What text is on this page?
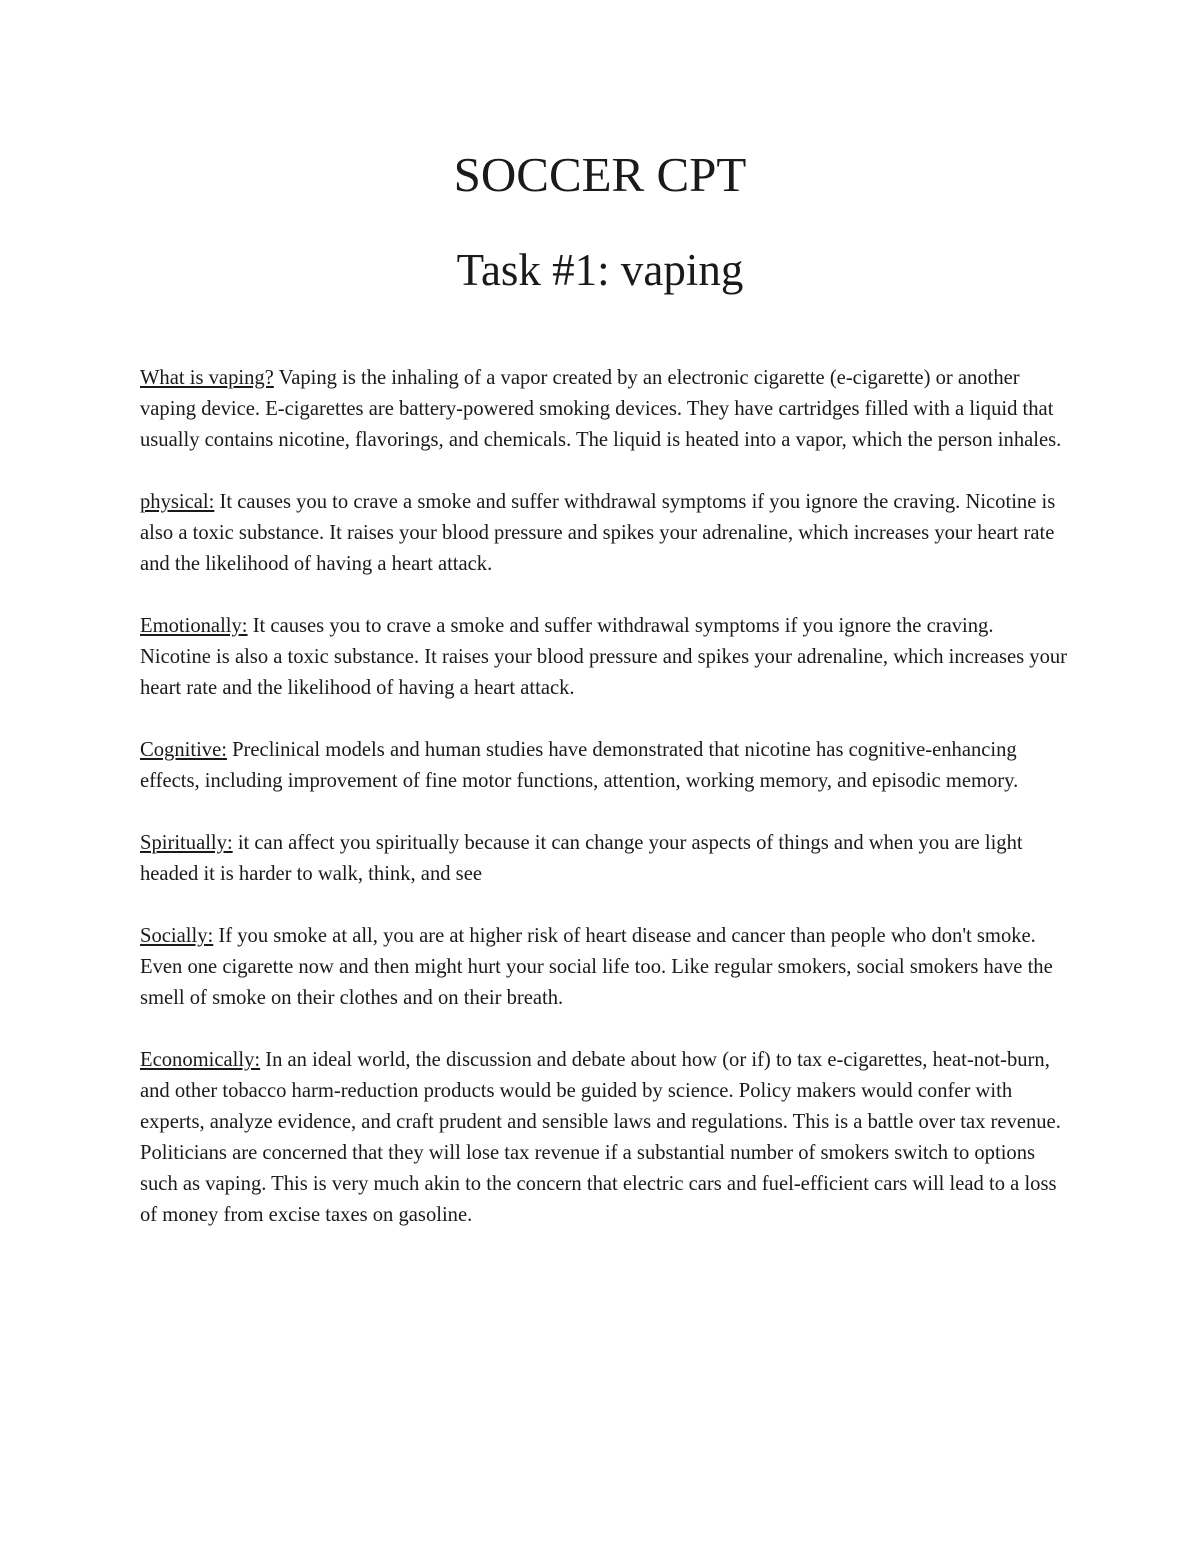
SOCCER CPT
Task #1: vaping

What is vaping? Vaping is the inhaling of a vapor created by an electronic cigarette (e-cigarette) or another vaping device. E-cigarettes are battery-powered smoking devices. They have cartridges filled with a liquid that usually contains nicotine, flavorings, and chemicals. The liquid is heated into a vapor, which the person inhales.

physical: It causes you to crave a smoke and suffer withdrawal symptoms if you ignore the craving. Nicotine is also a toxic substance. It raises your blood pressure and spikes your adrenaline, which increases your heart rate and the likelihood of having a heart attack.

Emotionally: It causes you to crave a smoke and suffer withdrawal symptoms if you ignore the craving. Nicotine is also a toxic substance. It raises your blood pressure and spikes your adrenaline, which increases your heart rate and the likelihood of having a heart attack.

Cognitive: Preclinical models and human studies have demonstrated that nicotine has cognitive-enhancing effects, including improvement of fine motor functions, attention, working memory, and episodic memory.

Spiritually: it can affect you spiritually because it can change your aspects of things and when you are light headed it is harder to walk, think, and see

Socially: If you smoke at all, you are at higher risk of heart disease and cancer than people who don't smoke. Even one cigarette now and then might hurt your social life too. Like regular smokers, social smokers have the smell of smoke on their clothes and on their breath.

Economically: In an ideal world, the discussion and debate about how (or if) to tax e-cigarettes, heat-not-burn, and other tobacco harm-reduction products would be guided by science. Policy makers would confer with experts, analyze evidence, and craft prudent and sensible laws and regulations. This is a battle over tax revenue. Politicians are concerned that they will lose tax revenue if a substantial number of smokers switch to options such as vaping. This is very much akin to the concern that electric cars and fuel-efficient cars will lead to a loss of money from excise taxes on gasoline.
